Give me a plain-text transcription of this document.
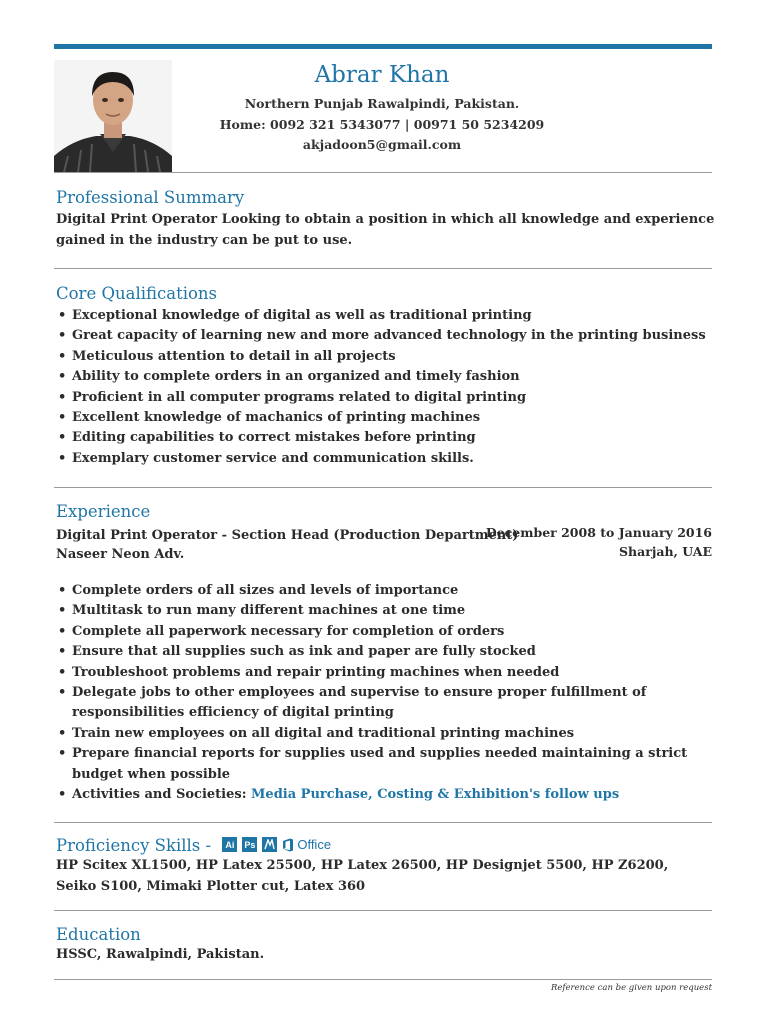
Abrar Khan
Northern Punjab Rawalpindi, Pakistan.
Home: 0092 321 5343077 | 00971 50 5234209
akjadoon5@gmail.com
Professional Summary
Digital Print Operator Looking to obtain a position in which all knowledge and experience gained in the industry can be put to use.
Core Qualifications
• Exceptional knowledge of digital as well as traditional printing
• Great capacity of learning new and more advanced technology in the printing business
• Meticulous attention to detail in all projects
• Ability to complete orders in an organized and timely fashion
• Proficient in all computer programs related to digital printing
• Excellent knowledge of machanics of printing machines
• Editing capabilities to correct mistakes before printing
• Exemplary customer service and communication skills.
Experience
Digital Print Operator - Section Head (Production Department)
Naseer Neon Adv.
December 2008 to January 2016
Sharjah, UAE
• Complete orders of all sizes and levels of importance
• Multitask to run many different machines at one time
• Complete all paperwork necessary for completion of orders
• Ensure that all supplies such as ink and paper are fully stocked
• Troubleshoot problems and repair printing machines when needed
• Delegate jobs to other employees and supervise to ensure proper fulfillment of responsibilities efficiency of digital printing
• Train new employees on all digital and traditional printing machines
• Prepare financial reports for supplies used and supplies needed maintaining a strict budget when possible
• Activities and Societies: Media Purchase, Costing & Exhibition's follow ups
Proficiency Skills -	Ai	Ps	Office
HP Scitex XL1500, HP Latex 25500, HP Latex 26500, HP Designjet 5500, HP Z6200,
Seiko S100, Mimaki Plotter cut, Latex 360
Education
HSSC, Rawalpindi, Pakistan.
Reference can be given upon request
